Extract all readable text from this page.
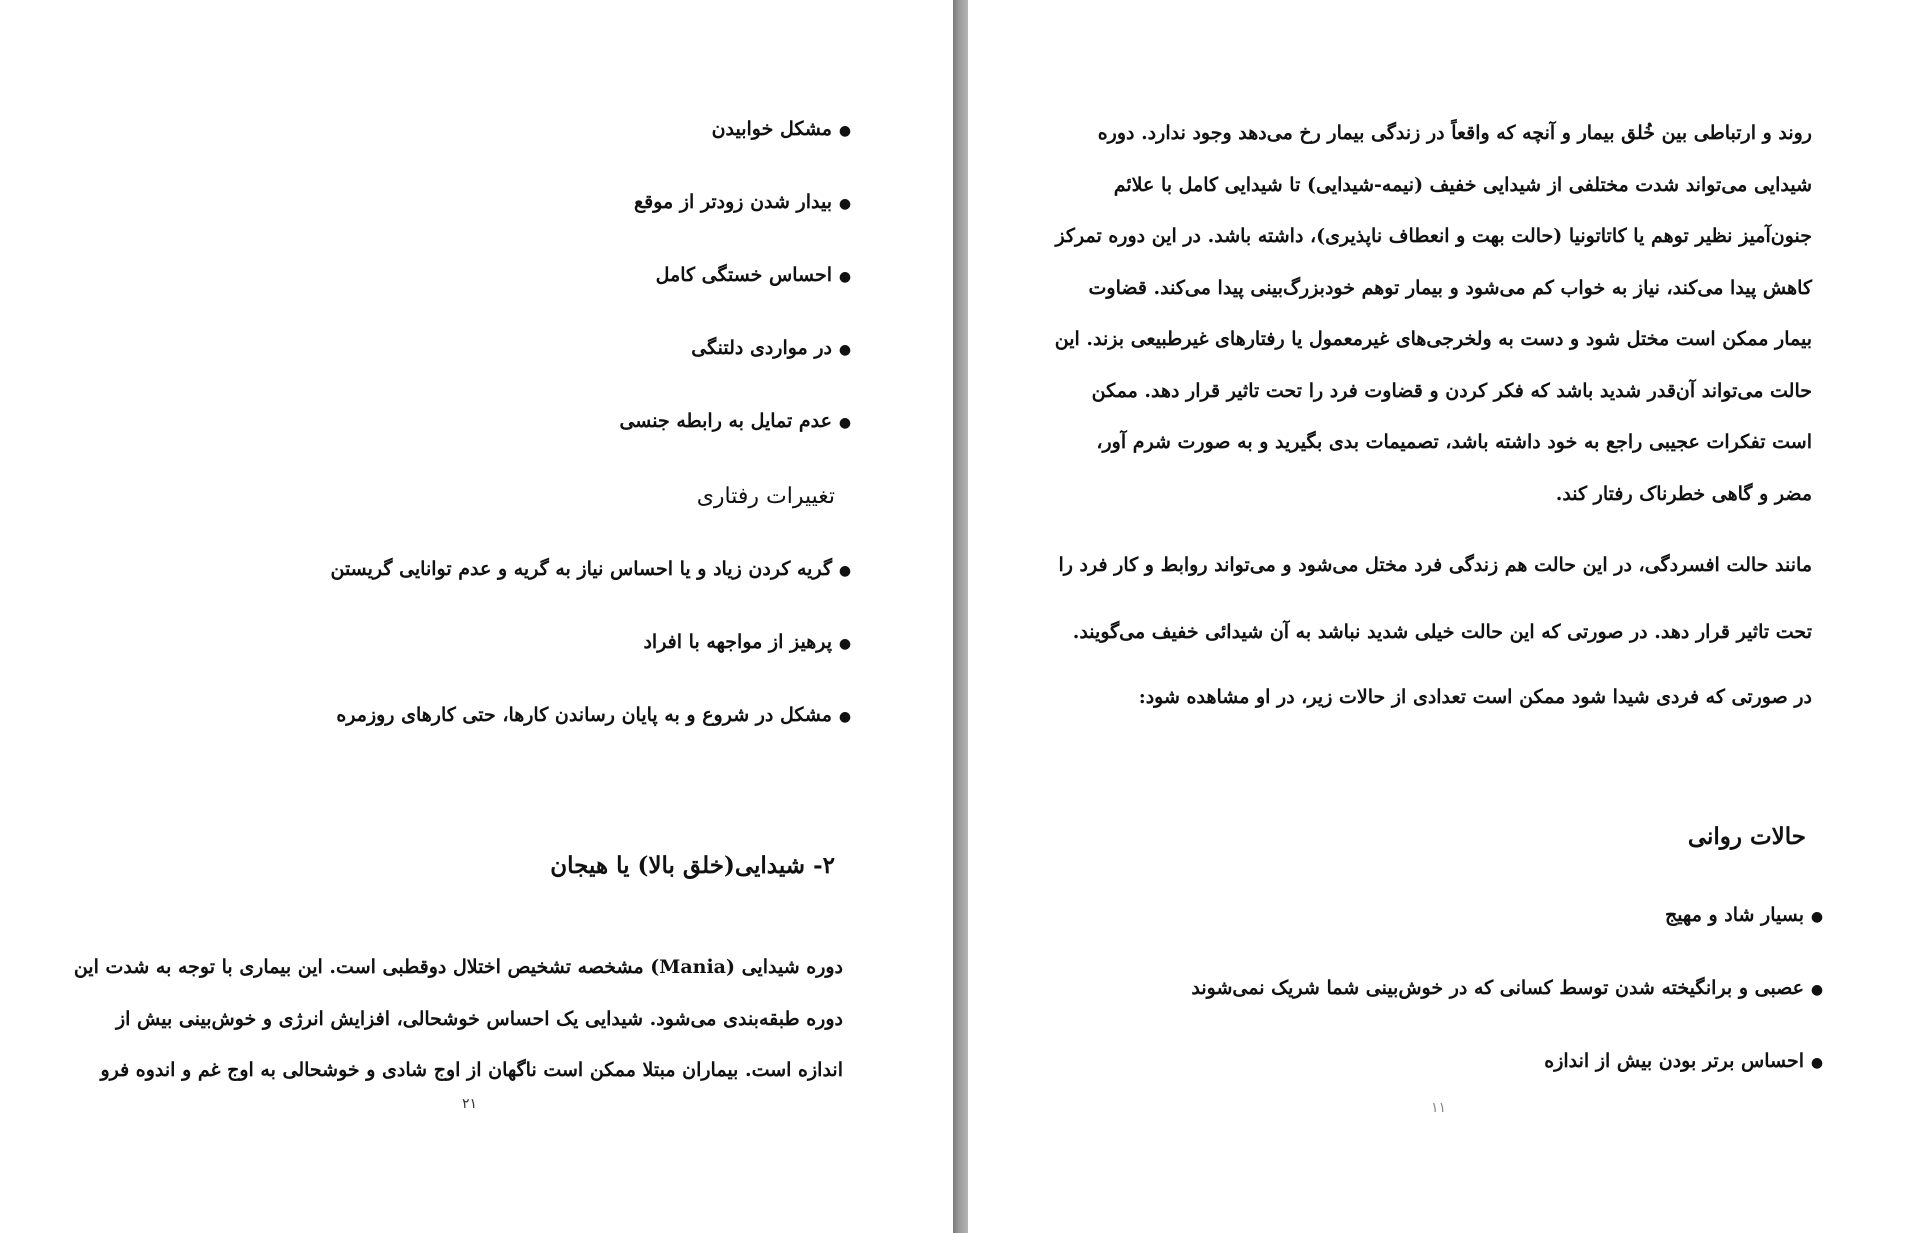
●مشکل خوابیدن
●بیدار شدن زودتر از موقع
●احساس خستگی کامل
●در مواردی دلتنگی
●عدم تمایل به رابطه جنسی
تغییرات رفتاری
●گریه کردن زیاد و یا احساس نیاز به گریه و عدم توانایی گریستن
●پرهیز از مواجهه با افراد
●مشکل در شروع و به پایان رساندن کارها، حتی کارهای روزمره
۲- شیدایی(خلق بالا) یا هیجان
دوره شیدایی (Mania) مشخصه تشخیص اختلال دوقطبی است. این بیماری با توجه به شدت این
دوره طبقه‌بندی می‌شود. شیدایی یک احساس خوشحالی، افزایش انرژی و خوش‌بینی بیش از
اندازه است. بیماران مبتلا ممکن است ناگهان از اوج شادی و خوشحالی به اوج غم و اندوه فرو
۲۱
روند و ارتباطی بین خُلق بیمار و آنچه که واقعاً در زندگی بیمار رخ می‌دهد وجود ندارد. دوره
شیدایی می‌تواند شدت مختلفی از شیدایی خفیف (نیمه-شیدایی) تا شیدایی کامل با علائم
جنون‌آمیز نظیر توهم یا کاتاتونیا (حالت بهت و انعطاف ناپذیری)، داشته باشد. در این دوره تمرکز
کاهش پیدا می‌کند، نیاز به خواب کم می‌شود و بیمار توهم خودبزرگ‌بینی پیدا می‌کند. قضاوت
بیمار ممکن است مختل شود و دست به ولخرجی‌های غیرمعمول یا رفتارهای غیرطبیعی بزند. این
حالت می‌تواند آن‌قدر شدید باشد که فکر کردن و قضاوت فرد را تحت تاثیر قرار دهد. ممکن
است تفکرات عجیبی راجع به خود داشته باشد، تصمیمات بدی بگیرید و به صورت شرم آور،
مضر و گاهی خطرناک رفتار کند.
مانند حالت افسردگی، در این حالت هم زندگی فرد مختل می‌شود و می‌تواند روابط و کار فرد را
تحت تاثیر قرار دهد. در صورتی که این حالت خیلی شدید نباشد به آن شیدائی خفیف می‌گویند.
در صورتی که فردی شیدا شود ممکن است تعدادی از حالات زیر، در او مشاهده شود:
حالات روانی
●بسیار شاد و مهیج
●عصبی و برانگیخته شدن توسط کسانی که در خوش‌بینی شما شریک نمی‌شوند
●احساس برتر بودن بیش از اندازه
۱۱
